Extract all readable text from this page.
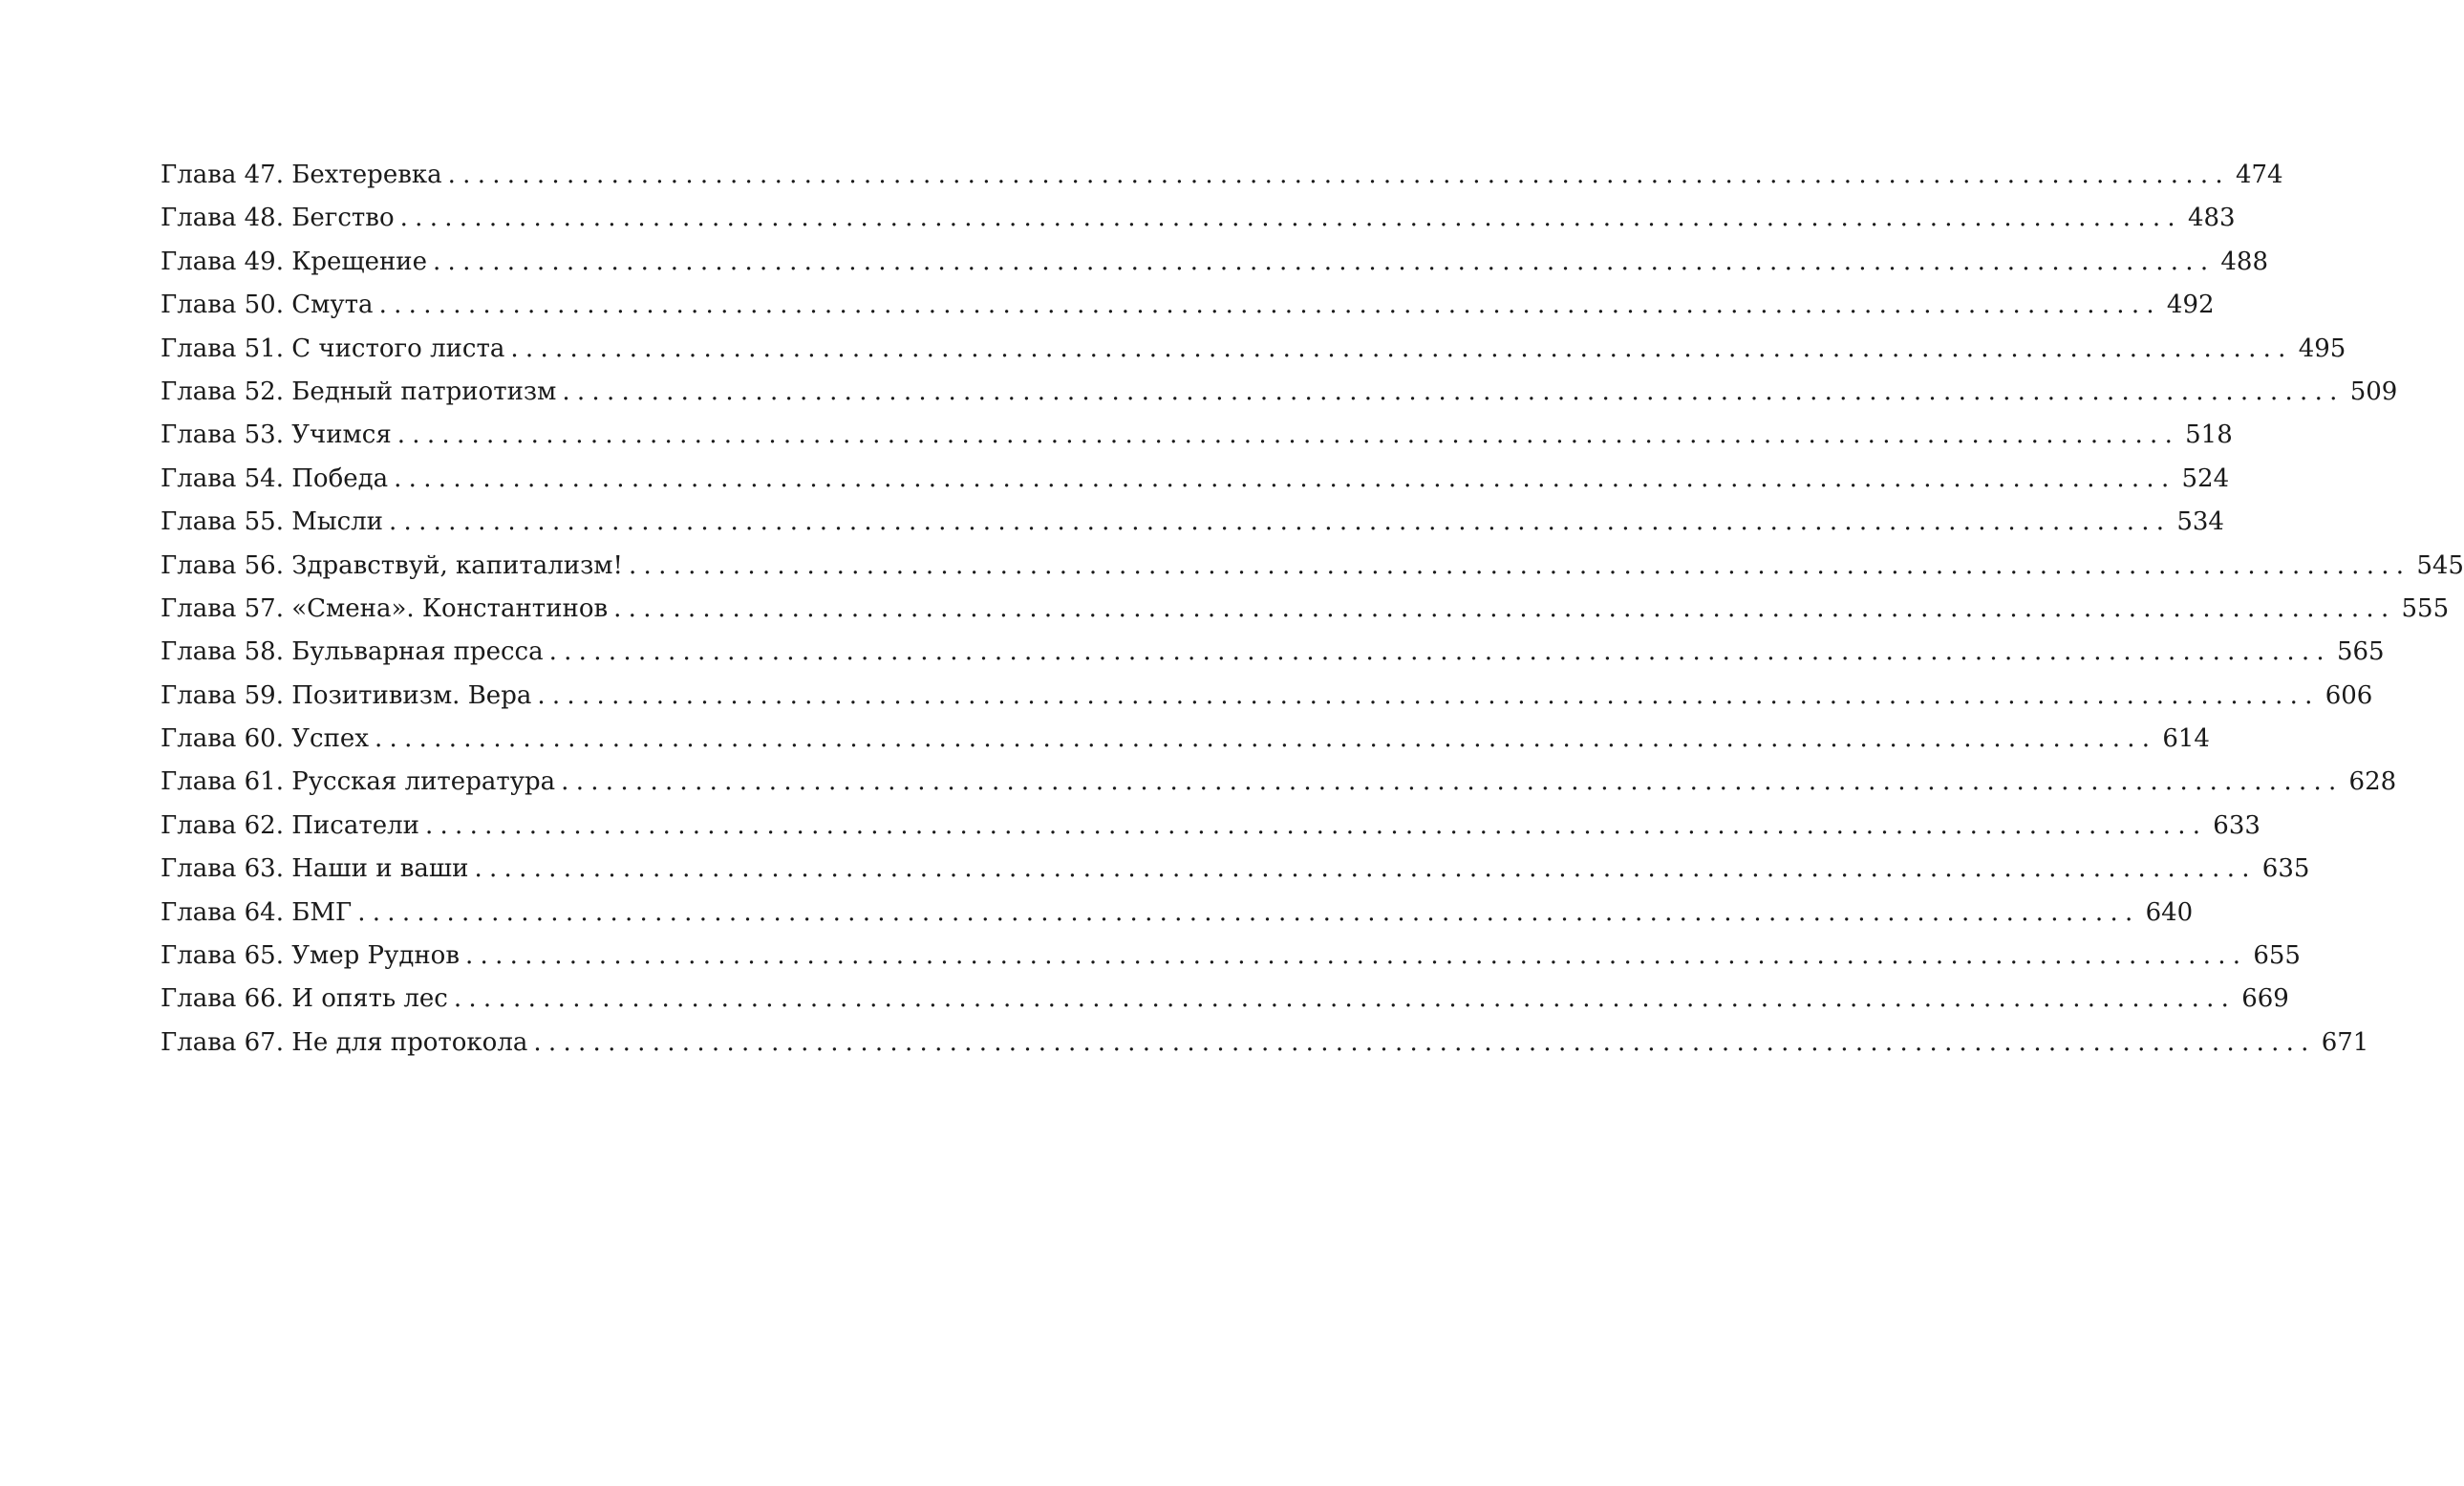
Глава 47. Бехтеревка ........................................................................................................................ 474
Глава 48. Бегство ........................................................................................................................ 483
Глава 49. Крещение ........................................................................................................................ 488
Глава 50. Смута ........................................................................................................................ 492
Глава 51. С чистого листа ........................................................................................................................ 495
Глава 52. Бедный патриотизм ........................................................................................................................ 509
Глава 53. Учимся ........................................................................................................................ 518
Глава 54. Победа ........................................................................................................................ 524
Глава 55. Мысли ........................................................................................................................ 534
Глава 56. Здравствуй, капитализм! ........................................................................................................................ 545
Глава 57. «Смена». Константинов ........................................................................................................................ 555
Глава 58. Бульварная пресса ........................................................................................................................ 565
Глава 59. Позитивизм. Вера ........................................................................................................................ 606
Глава 60. Успех ........................................................................................................................ 614
Глава 61. Русская литература ........................................................................................................................ 628
Глава 62. Писатели ........................................................................................................................ 633
Глава 63. Наши и ваши ........................................................................................................................ 635
Глава 64. БМГ ........................................................................................................................ 640
Глава 65. Умер Руднов ........................................................................................................................ 655
Глава 66. И опять лес ........................................................................................................................ 669
Глава 67. Не для протокола ........................................................................................................................ 671
